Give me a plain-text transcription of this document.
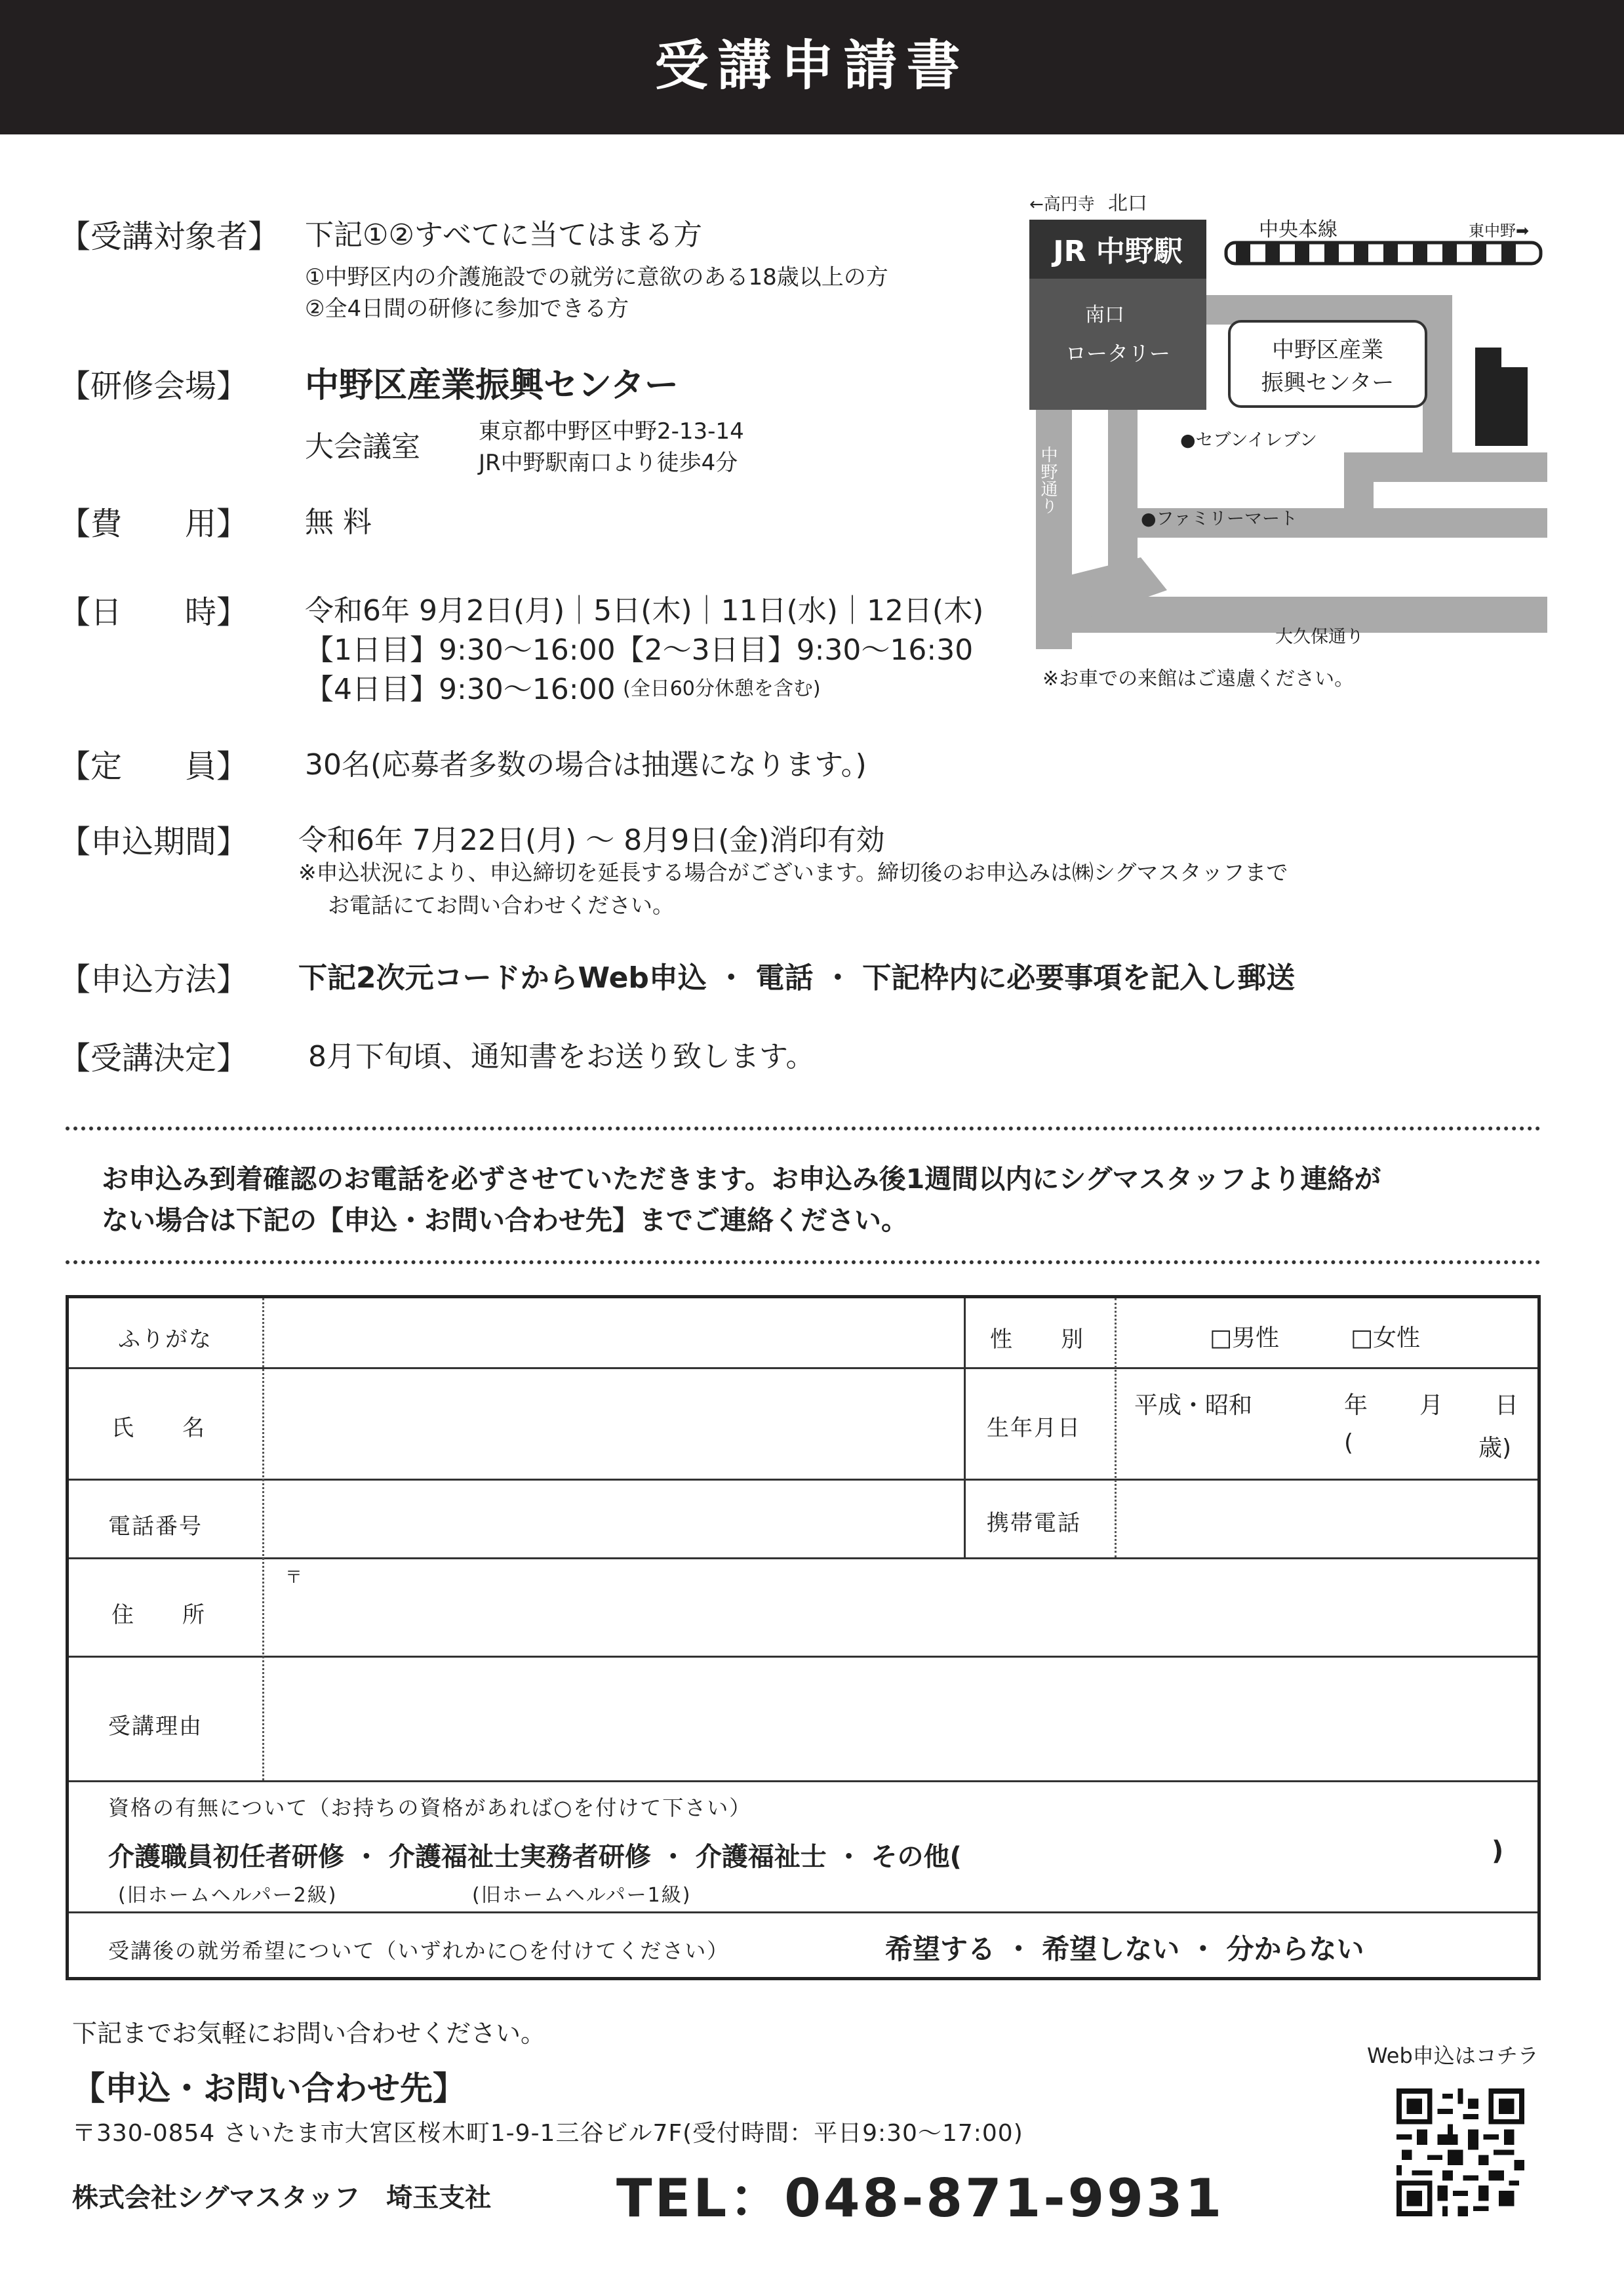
受講申請書
【受講対象者】 下記①②すべてに当てはまる方
①中野区内の介護施設での就労に意欲のある18歳以上の方
②全4日間の研修に参加できる方
【研修会場】 中野区産業振興センター
大会議室	東京都中野区中野2-13-14
JR中野駅南口より徒歩4分
【費　　用】 無 料
【日　　時】 令和6年 9月2日(月)｜5日(木)｜11日(水)｜12日(木)
【1日目】9:30～16:00【2～3日目】9:30～16:30
【4日目】9:30～16:00 (全日60分休憩を含む)
【定　　員】 30名(応募者多数の場合は抽選になります。)
【申込期間】 令和6年 7月22日(月) ～ 8月9日(金)消印有効
※申込状況により、申込締切を延長する場合がございます。締切後のお申込みは㈱シグマスタッフまで
お電話にてお問い合わせください。
【申込方法】 下記2次元コードからWeb申込 ・ 電話 ・ 下記枠内に必要事項を記入し郵送
【受講決定】 8月下旬頃、通知書をお送り致します。
JR 中野駅
←高円寺 北口
中央本線	東中野➡
南口
ロータリー	中野区産業
振興センター
●セブンイレブン
●ファミリーマート
中野通り
大久保通り
※お車での来館はご遠慮ください。
お申込み到着確認のお電話を必ずさせていただきます。お申込み後1週間以内にシグマスタッフより連絡が
ない場合は下記の【申込・お問い合わせ先】までご連絡ください。
ふりがな	性　　別	□男性	□女性
氏　　名	生年月日
平成・昭和	年 月 日
(	歳)
電話番号	携帯電話
住　　所
〒
受講理由
資格の有無について（お持ちの資格があれば○を付けて下さい）
介護職員初任者研修 ・ 介護福祉士実務者研修 ・ 介護福祉士 ・ その他(	)
(旧ホームヘルパー2級)	(旧ホームヘルパー1級)
受講後の就労希望について（いずれかに○を付けてください）	希望する ・ 希望しない ・ 分からない
下記までお気軽にお問い合わせください。
【申込・お問い合わせ先】
〒330-0854 さいたま市大宮区桜木町1-9-1三谷ビル7F(受付時間：平日9:30～17:00)
株式会社シグマスタッフ　埼玉支社 TEL：048-871-9931
Web申込はコチラ
